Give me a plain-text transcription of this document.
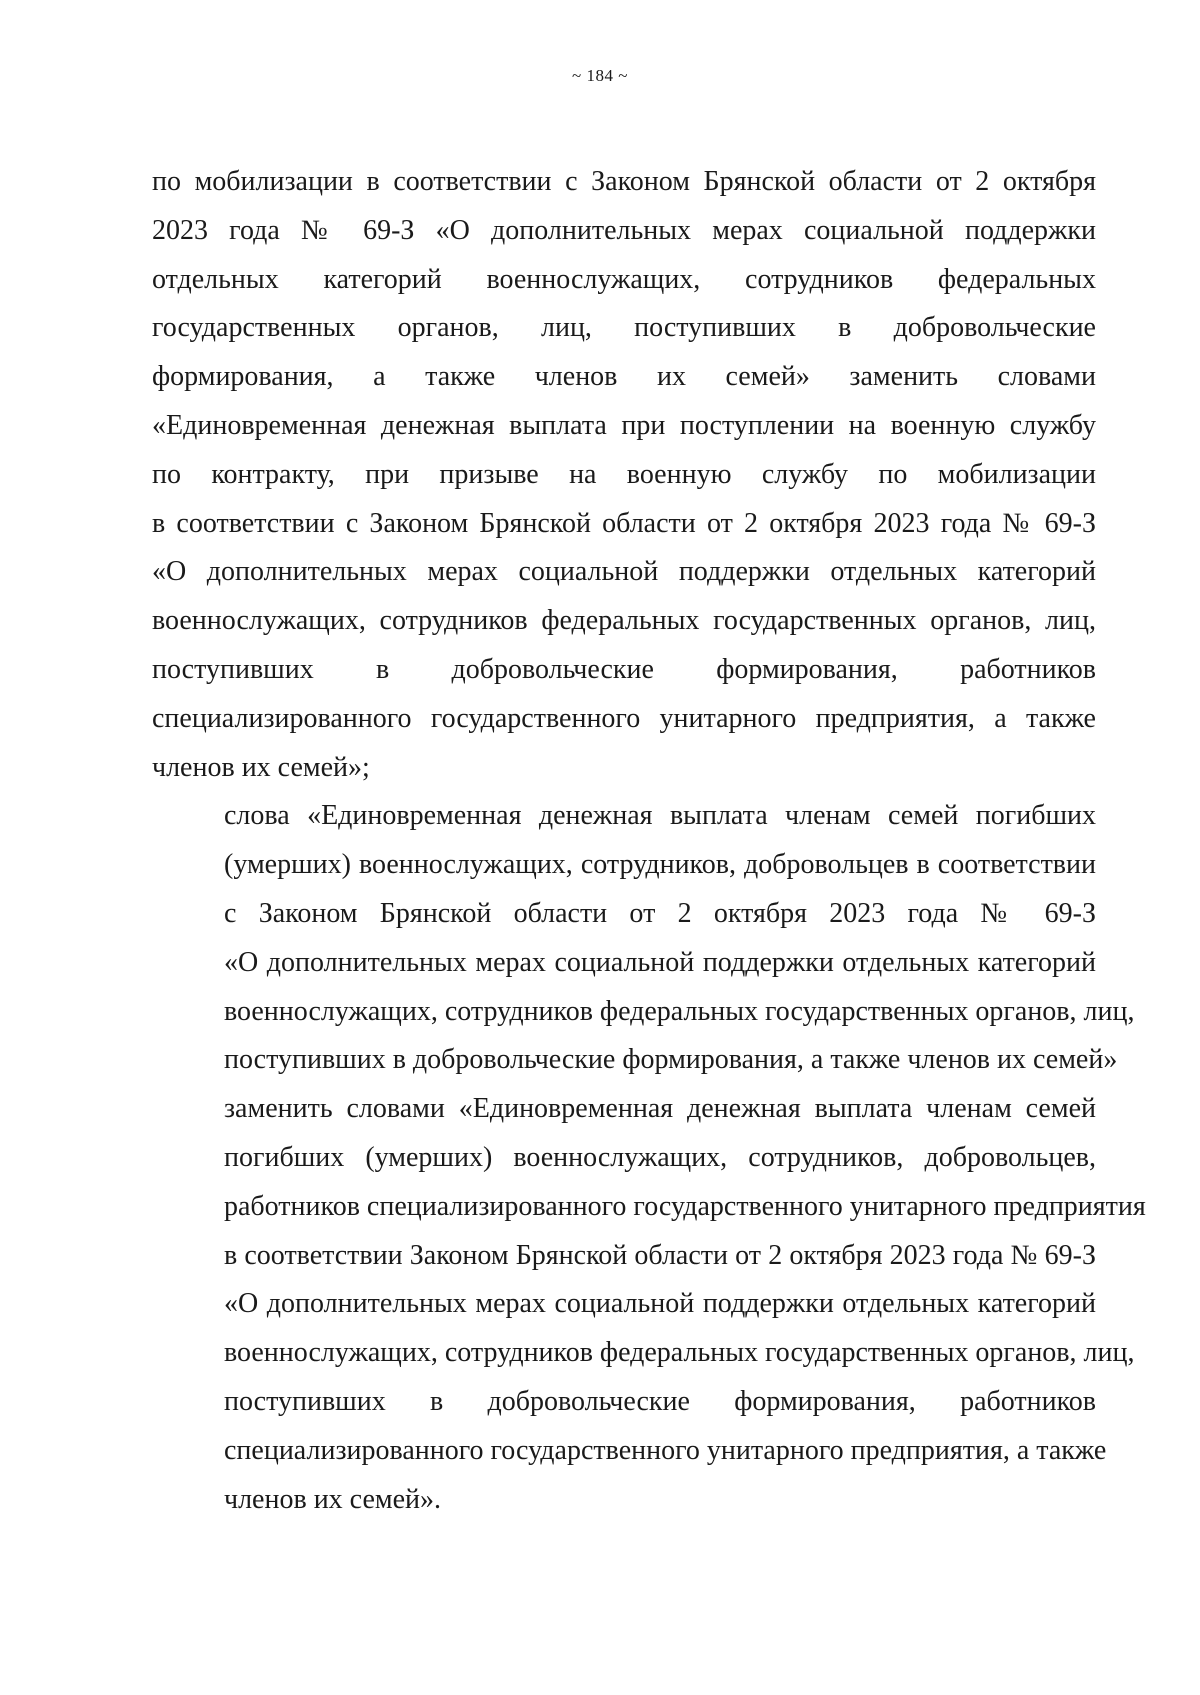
~ 184 ~

по мобилизации в соответствии с Законом Брянской области от 2 октября
2023 года № 69-З «О дополнительных мерах социальной поддержки
отдельных категорий военнослужащих, сотрудников федеральных
государственных органов, лиц, поступивших в добровольческие
формирования, а также членов их семей» заменить словами
«Единовременная денежная выплата при поступлении на военную службу
по контракту, при призыве на военную службу по мобилизации
в соответствии с Законом Брянской области от 2 октября 2023 года № 69-З
«О дополнительных мерах социальной поддержки отдельных категорий
военнослужащих, сотрудников федеральных государственных органов, лиц,
поступивших в добровольческие формирования, работников
специализированного государственного унитарного предприятия, а также
членов их семей»;

слова «Единовременная денежная выплата членам семей погибших
(умерших) военнослужащих, сотрудников, добровольцев в соответствии
с Законом Брянской области от 2 октября 2023 года № 69-З
«О дополнительных мерах социальной поддержки отдельных категорий
военнослужащих, сотрудников федеральных государственных органов, лиц,
поступивших в добровольческие формирования, а также членов их семей»
заменить словами «Единовременная денежная выплата членам семей
погибших (умерших) военнослужащих, сотрудников, добровольцев,
работников специализированного государственного унитарного предприятия
в соответствии Законом Брянской области от 2 октября 2023 года № 69-З
«О дополнительных мерах социальной поддержки отдельных категорий
военнослужащих, сотрудников федеральных государственных органов, лиц,
поступивших в добровольческие формирования, работников
специализированного государственного унитарного предприятия, а также
членов их семей».
